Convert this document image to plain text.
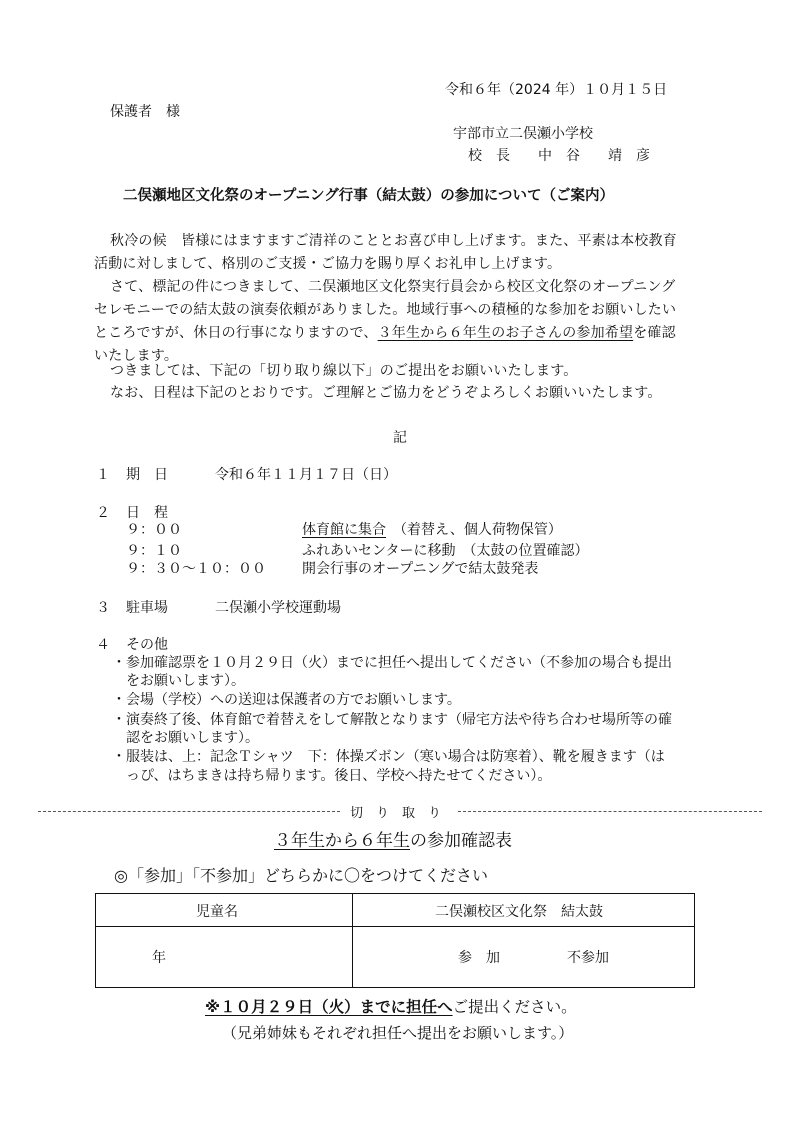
令和６年（2024 年）１０月１５日
保護者　様
宇部市立二俣瀬小学校
校　長　　中　谷　　靖　彦
二俣瀬地区文化祭のオープニング行事（結太鼓）の参加について（ご案内）
秋冷の候　皆様にはますますご清祥のこととお喜び申し上げます。また、平素は本校教育
活動に対しまして、格別のご支援・ご協力を賜り厚くお礼申し上げます。
さて、標記の件につきまして、二俣瀬地区文化祭実行員会から校区文化祭のオープニング
セレモニーでの結太鼓の演奏依頼がありました。地域行事への積極的な参加をお願いしたい
ところですが、休日の行事になりますので、３年生から６年生のお子さんの参加希望を確認
いたします。
つきましては、下記の「切り取り線以下」のご提出をお願いいたします。
なお、日程は下記のとおりです。ご理解とご協力をどうぞよろしくお願いいたします。
記
１ 期　日	令和６年１１月１７日（日）
２ 日　程
９：００	体育館に集合　（着替え、個人荷物保管）
９：１０	ふれあいセンターに移動　（太鼓の位置確認）
９：３０〜１０：００	開会行事のオープニングで結太鼓発表
３ 駐車場	二俣瀬小学校運動場
４ その他
・参加確認票を１０月２９日（火）までに担任へ提出してください（不参加の場合も提出
をお願いします）。
・会場（学校）への送迎は保護者の方でお願いします。
・演奏終了後、体育館で着替えをして解散となります（帰宅方法や待ち合わせ場所等の確
認をお願いします）。
・服装は、上：記念Ｔシャツ　下：体操ズボン（寒い場合は防寒着）、靴を履きます（は
っぴ、はちまきは持ち帰ります。後日、学校へ持たせてください）。
切　り　取　り
３年生から６年生の参加確認表
◎「参加」「不参加」どちらかに〇をつけてください
児童名	二俣瀬校区文化祭　結太鼓
年	参　加	不参加
※１０月２９日（火）までに担任へご提出ください。
（兄弟姉妹もそれぞれ担任へ提出をお願いします。）
